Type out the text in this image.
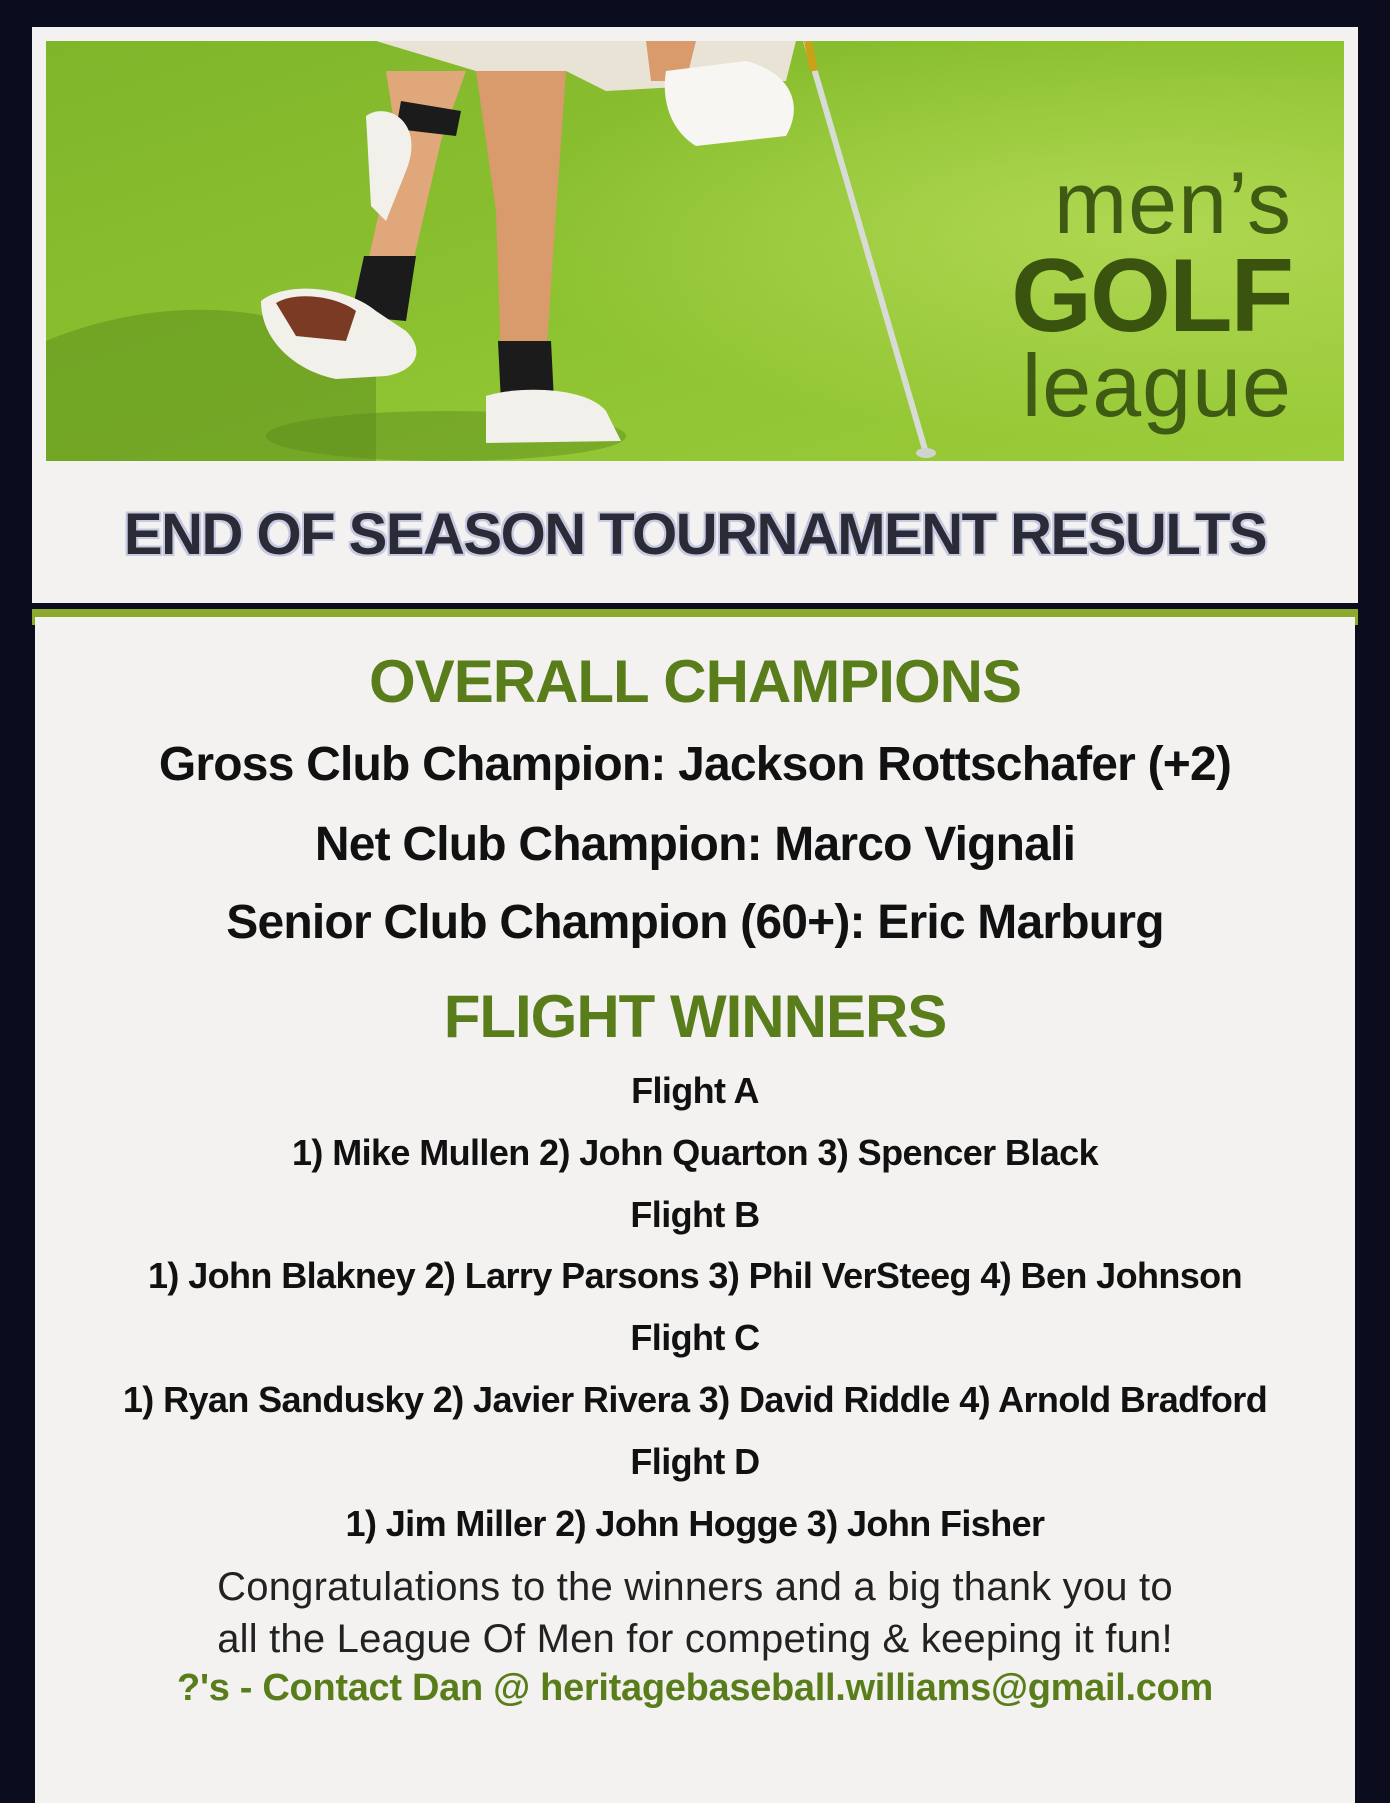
men’s
GOLF
league
END OF SEASON TOURNAMENT RESULTS
OVERALL CHAMPIONS
Gross Club Champion: Jackson Rottschafer (+2)
Net Club Champion: Marco Vignali
Senior Club Champion (60+): Eric Marburg
FLIGHT WINNERS
Flight A
1) Mike Mullen 2) John Quarton 3) Spencer Black
Flight B
1) John Blakney 2) Larry Parsons 3) Phil VerSteeg 4) Ben Johnson
Flight C
1) Ryan Sandusky 2) Javier Rivera 3) David Riddle 4) Arnold Bradford
Flight D
1) Jim Miller 2) John Hogge 3) John Fisher
Congratulations to the winners and a big thank you to
all the League Of Men for competing & keeping it fun!
?'s - Contact Dan @ heritagebaseball.williams@gmail.com
